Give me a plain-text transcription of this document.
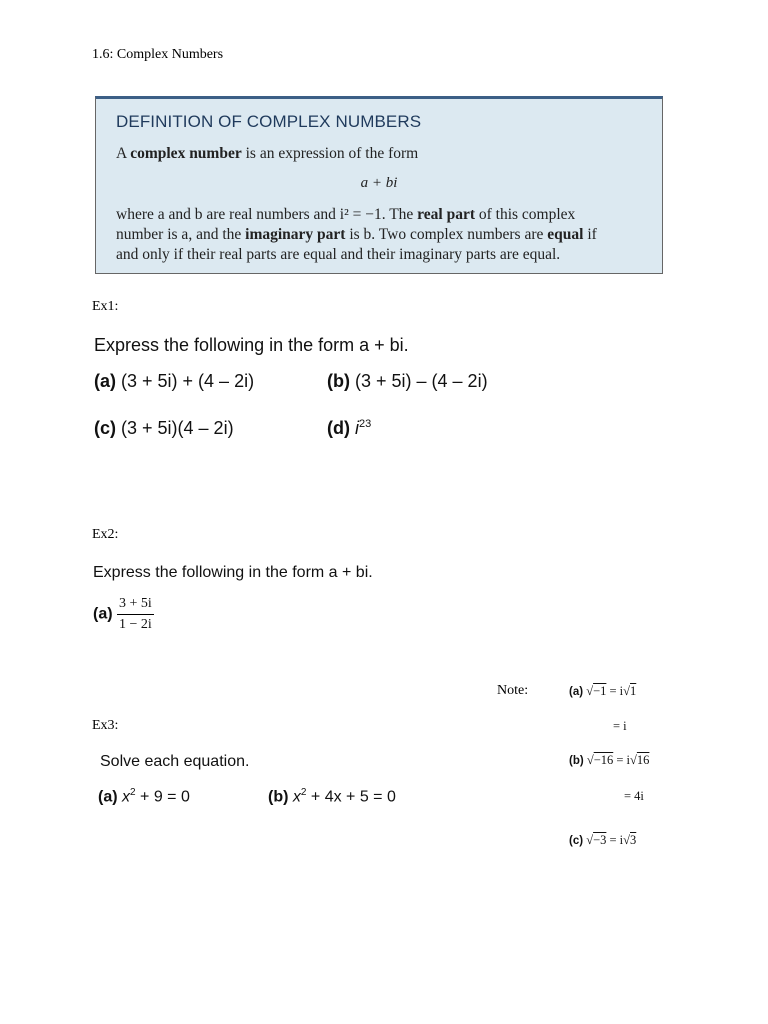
1.6: Complex Numbers
DEFINITION OF COMPLEX NUMBERS
A complex number is an expression of the form
a + bi
where a and b are real numbers and i² = −1. The real part of this complex
number is a, and the imaginary part is b. Two complex numbers are equal if
and only if their real parts are equal and their imaginary parts are equal.
Ex1:
Express the following in the form a + bi.
(a) (3 + 5i) + (4 – 2i)	(b) (3 + 5i) – (4 – 2i)
(c) (3 + 5i)(4 – 2i)	(d) $i^{23}$
Ex2:
Express the following in the form a + bi.
$(a) \frac{3 + 5i}{1 - 2i}$
Note:	(a) √−1 = i√1
= i
(b) √−16 = i√16
= 4i
(c) √−3 = i√3
Ex3:
Solve each equation.
(a) $x^2 + 9 = 0$	(b) $x^2 + 4x + 5 = 0$
